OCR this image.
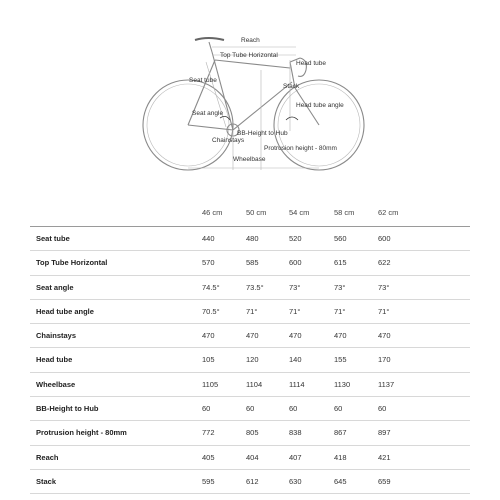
Reach
Top Tube Horizontal
Head tube
Seat tube
Stack
Seat angle
Head tube angle
BB-Height to Hub
Chainstays
Protrusion height - 80mm
Wheelbase
46 cm	50 cm	54 cm	58 cm	62 cm
Seat tube	440	480	520	560	600
Top Tube Horizontal	570	585	600	615	622
Seat angle	74.5°	73.5°	73°	73°	73°
Head tube angle	70.5°	71°	71°	71°	71°
Chainstays	470	470	470	470	470
Head tube	105	120	140	155	170
Wheelbase	1105	1104	1114	1130	1137
BB-Height to Hub	60	60	60	60	60
Protrusion height - 80mm	772	805	838	867	897
Reach	405	404	407	418	421
Stack	595	612	630	645	659
